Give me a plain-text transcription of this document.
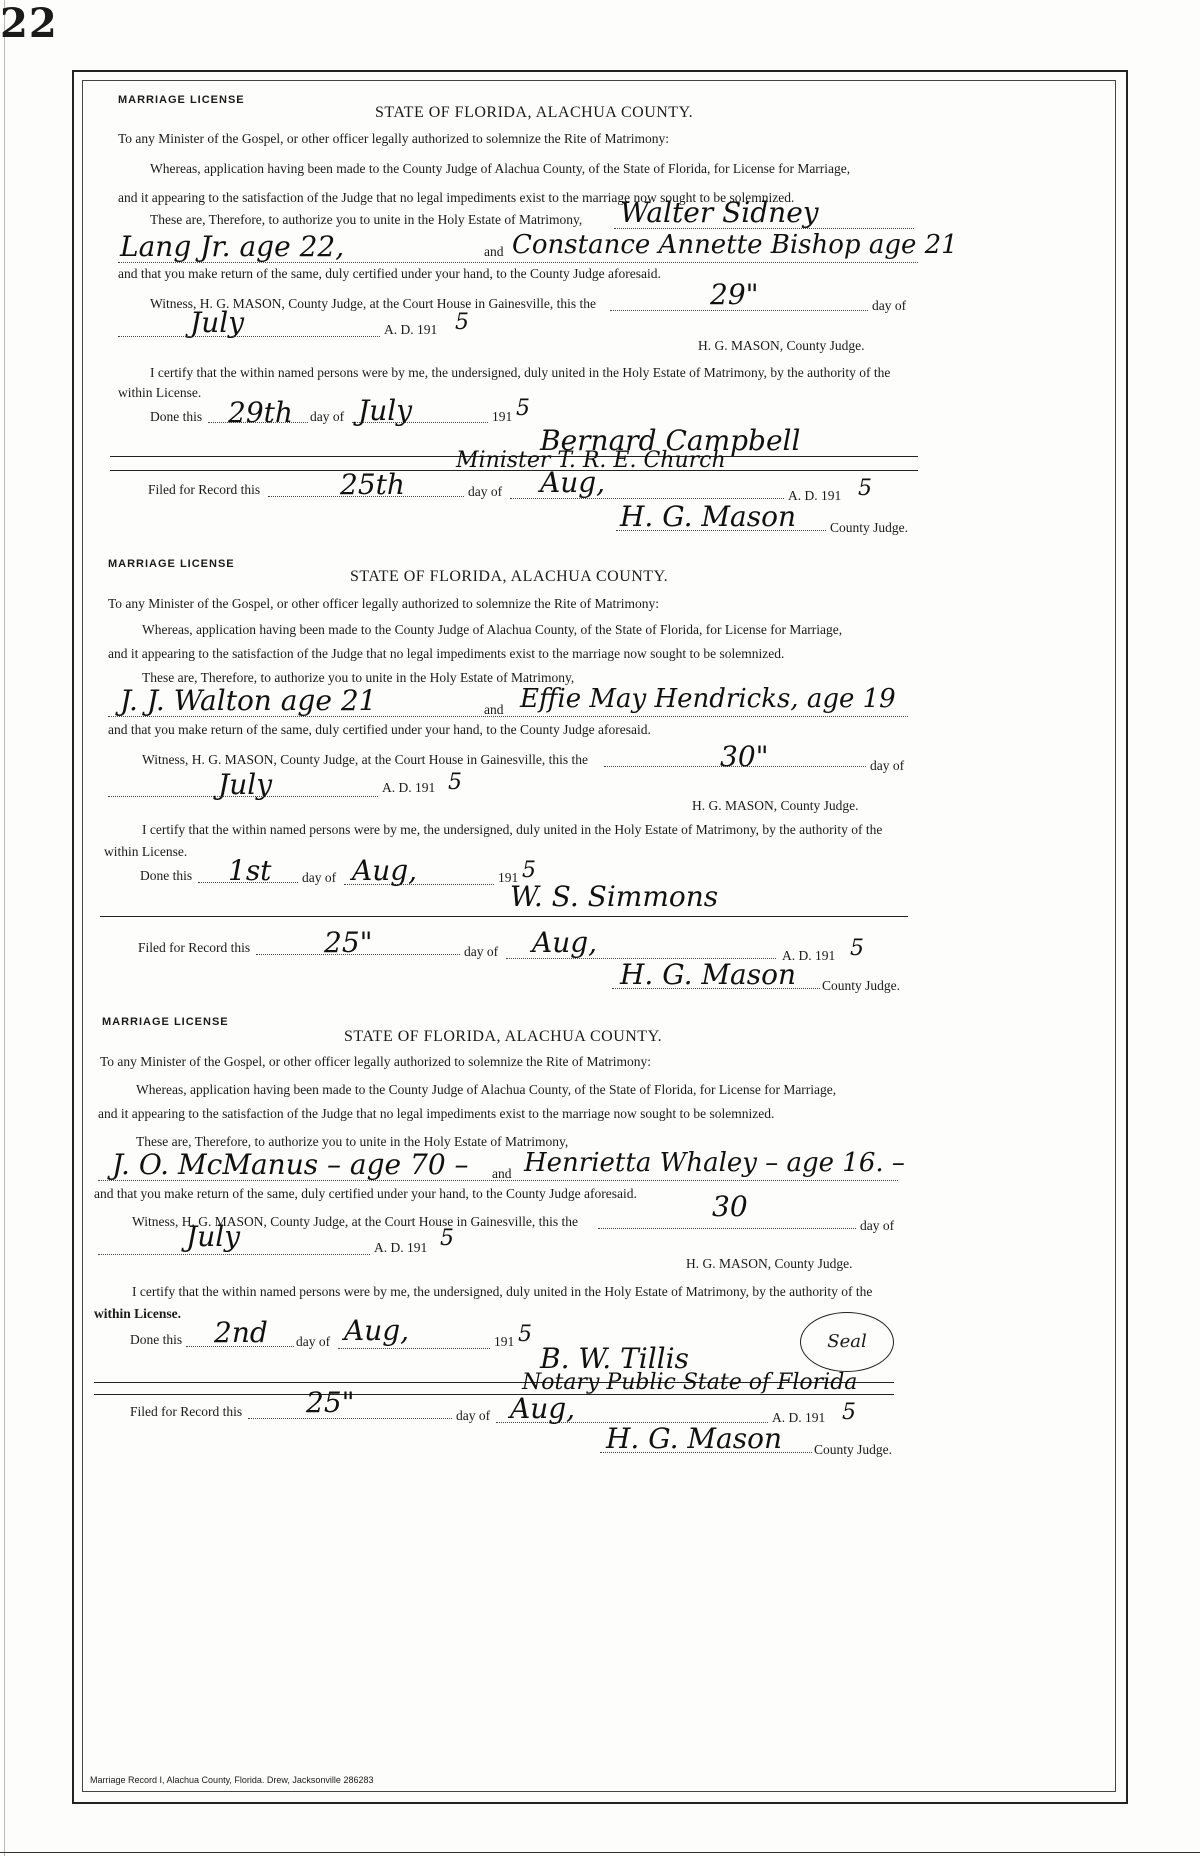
22
MARRIAGE LICENSE
STATE OF FLORIDA, ALACHUA COUNTY.
To any Minister of the Gospel, or other officer legally authorized to solemnize the Rite of Matrimony:
Whereas, application having been made to the County Judge of Alachua County, of the State of Florida, for License for Marriage,
and it appearing to the satisfaction of the Judge that no legal impediments exist to the marriage now sought to be solemnized.
These are, Therefore, to authorize you to unite in the Holy Estate of Matrimony, Walter Sidney
Lang Jr. age 22,	and Constance Annette Bishop age 21
and that you make return of the same, duly certified under your hand, to the County Judge aforesaid.
Witness, H. G. MASON, County Judge, at the Court House in Gainesville, this the	29"	day of
July	A. D. 191 5
H. G. MASON, County Judge.
I certify that the within named persons were by me, the undersigned, duly united in the Holy Estate of Matrimony, by the authority of the
within License.
Done this 29th day of July	191 5
Bernard Campbell
Minister T. R. E. Church
Filed for Record this	25th	day of Aug,	A. D. 191 5
H. G. Mason	County Judge.
MARRIAGE LICENSE
STATE OF FLORIDA, ALACHUA COUNTY.
To any Minister of the Gospel, or other officer legally authorized to solemnize the Rite of Matrimony:
Whereas, application having been made to the County Judge of Alachua County, of the State of Florida, for License for Marriage,
and it appearing to the satisfaction of the Judge that no legal impediments exist to the marriage now sought to be solemnized.
These are, Therefore, to authorize you to unite in the Holy Estate of Matrimony,
J. J. Walton age 21	and Effie May Hendricks, age 19
and that you make return of the same, duly certified under your hand, to the County Judge aforesaid.
Witness, H. G. MASON, County Judge, at the Court House in Gainesville, this the	30"	day of
July	A. D. 191 5
H. G. MASON, County Judge.
I certify that the within named persons were by me, the undersigned, duly united in the Holy Estate of Matrimony, by the authority of the
within License.
Done this 1st day of Aug,	191 5
W. S. Simmons
Filed for Record this	25"	day of Aug,	A. D. 191 5
H. G. Mason County Judge.
MARRIAGE LICENSE
STATE OF FLORIDA, ALACHUA COUNTY.
To any Minister of the Gospel, or other officer legally authorized to solemnize the Rite of Matrimony:
Whereas, application having been made to the County Judge of Alachua County, of the State of Florida, for License for Marriage,
and it appearing to the satisfaction of the Judge that no legal impediments exist to the marriage now sought to be solemnized.
These are, Therefore, to authorize you to unite in the Holy Estate of Matrimony,
J. O. McManus – age 70 – and Henrietta Whaley – age 16. –
and that you make return of the same, duly certified under your hand, to the County Judge aforesaid.
Witness, H. G. MASON, County Judge, at the Court House in Gainesville, this the	30
day of
July	A. D. 191 5
H. G. MASON, County Judge.
I certify that the within named persons were by me, the undersigned, duly united in the Holy Estate of Matrimony, by the authority of the
within License.
Done this 2nd day of Aug,	191 5	Seal
B. W. Tillis
Notary Public State of Florida
Filed for Record this 25"	day of Aug,	A. D. 191 5
H. G. Mason County Judge.
Marriage Record I, Alachua County, Florida. Drew, Jacksonville 286283
